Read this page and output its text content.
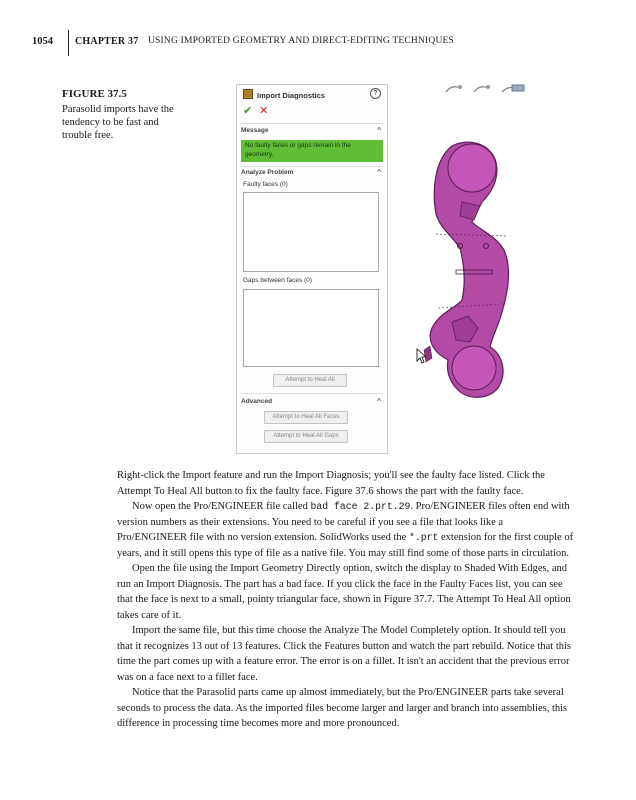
1054 CHAPTER 37 USING IMPORTED GEOMETRY AND DIRECT-EDITING TECHNIQUES
FIGURE 37.5
Parasolid imports have the tendency to be fast and trouble free.
Import Diagnostics	?
✔ ✕
Message	^
No faulty faces or gaps remain in the geometry.
Analyze Problem	^
Faulty faces (0)
Gaps between faces (0)
Attempt to Heal All
Advanced	^
Attempt to Heal All Faces
Attempt to Heal All Gaps

Right-click the Import feature and run the Import Diagnosis; you'll see the faulty face listed. Click the Attempt To Heal All button to fix the faulty face. Figure 37.6 shows the part with the faulty face.

Now open the Pro/ENGINEER file called bad face 2.prt.29. Pro/ENGINEER files often end with version numbers as their extensions. You need to be careful if you see a file that looks like a Pro/ENGINEER file with no version extension. SolidWorks used the *.prt extension for the first couple of years, and it still opens this type of file as a native file. You may still find some of those parts in circulation.

Open the file using the Import Geometry Directly option, switch the display to Shaded With Edges, and run an Import Diagnosis. The part has a bad face. If you click the face in the Faulty Faces list, you can see that the face is next to a small, pointy triangular face, shown in Figure 37.7. The Attempt To Heal All option takes care of it.

Import the same file, but this time choose the Analyze The Model Completely option. It should tell you that it recognizes 13 out of 13 features. Click the Features button and watch the part rebuild. Notice that this time the part comes up with a feature error. The error is on a fillet. It isn't an accident that the previous error was on a face next to a fillet face.

Notice that the Parasolid parts came up almost immediately, but the Pro/ENGINEER parts take several seconds to process the data. As the imported files become larger and larger and branch into assemblies, this difference in processing time becomes more and more pronounced.
